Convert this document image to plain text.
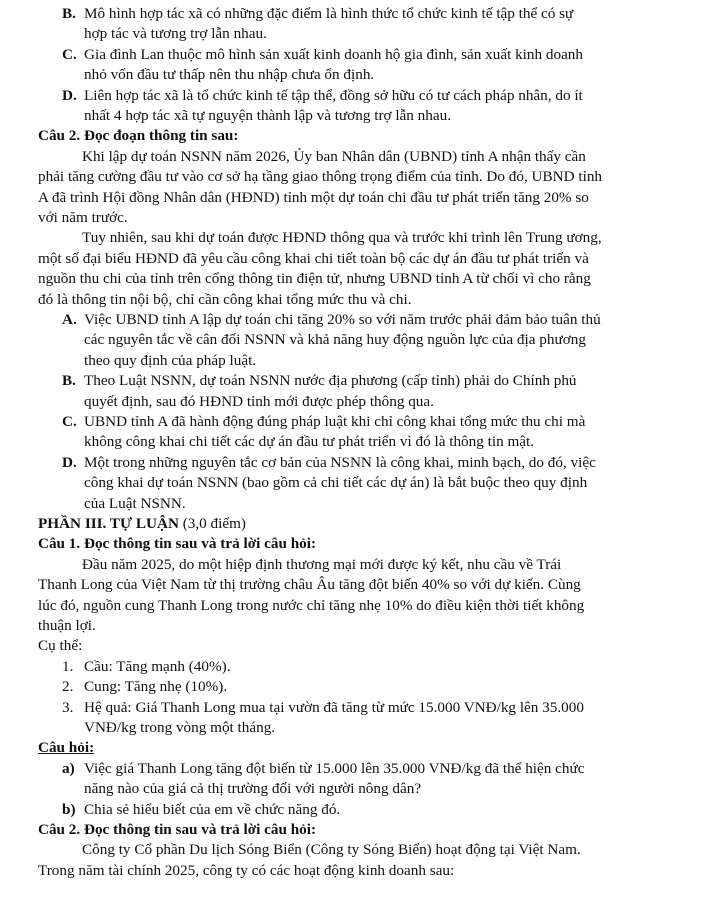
B. Mô hình hợp tác xã có những đặc điểm là hình thức tổ chức kinh tế tập thể có sự
hợp tác và tương trợ lẫn nhau.
C. Gia đình Lan thuộc mô hình sản xuất kinh doanh hộ gia đình, sản xuất kinh doanh
nhỏ vốn đầu tư thấp nên thu nhập chưa ổn định.
D. Liên hợp tác xã là tổ chức kinh tế tập thể, đồng sở hữu có tư cách pháp nhân, do ít
nhất 4 hợp tác xã tự nguyện thành lập và tương trợ lẫn nhau.
Câu 2. Đọc đoạn thông tin sau:
Khi lập dự toán NSNN năm 2026, Ủy ban Nhân dân (UBND) tỉnh A nhận thấy cần
phải tăng cường đầu tư vào cơ sở hạ tầng giao thông trọng điểm của tỉnh. Do đó, UBND tỉnh
A đã trình Hội đồng Nhân dân (HĐND) tỉnh một dự toán chi đầu tư phát triển tăng 20% so
với năm trước.
Tuy nhiên, sau khi dự toán được HĐND thông qua và trước khi trình lên Trung ương,
một số đại biểu HĐND đã yêu cầu công khai chi tiết toàn bộ các dự án đầu tư phát triển và
nguồn thu chi của tỉnh trên cổng thông tin điện tử, nhưng UBND tỉnh A từ chối vì cho rằng
đó là thông tin nội bộ, chỉ cần công khai tổng mức thu và chi.
A. Việc UBND tỉnh A lập dự toán chi tăng 20% so với năm trước phải đảm bảo tuân thủ
các nguyên tắc về cân đối NSNN và khả năng huy động nguồn lực của địa phương
theo quy định của pháp luật.
B. Theo Luật NSNN, dự toán NSNN nước địa phương (cấp tỉnh) phải do Chính phủ
quyết định, sau đó HĐND tỉnh mới được phép thông qua.
C. UBND tỉnh A đã hành động đúng pháp luật khi chỉ công khai tổng mức thu chi mà
không công khai chi tiết các dự án đầu tư phát triển vì đó là thông tin mật.
D. Một trong những nguyên tắc cơ bản của NSNN là công khai, minh bạch, do đó, việc
công khai dự toán NSNN (bao gồm cả chi tiết các dự án) là bắt buộc theo quy định
của Luật NSNN.
PHẦN III. TỰ LUẬN (3,0 điểm)
Câu 1. Đọc thông tin sau và trả lời câu hỏi:
Đầu năm 2025, do một hiệp định thương mại mới được ký kết, nhu cầu về Trái
Thanh Long của Việt Nam từ thị trường châu Âu tăng đột biến 40% so với dự kiến. Cùng
lúc đó, nguồn cung Thanh Long trong nước chỉ tăng nhẹ 10% do điều kiện thời tiết không
thuận lợi.
Cụ thể:
1. Cầu: Tăng mạnh (40%).
2. Cung: Tăng nhẹ (10%).
3. Hệ quả: Giá Thanh Long mua tại vườn đã tăng từ mức 15.000 VNĐ/kg lên 35.000
VNĐ/kg trong vòng một tháng.
Câu hỏi:
a) Việc giá Thanh Long tăng đột biến từ 15.000 lên 35.000 VNĐ/kg đã thể hiện chức
năng nào của giá cả thị trường đối với người nông dân?
b) Chia sẻ hiểu biết của em về chức năng đó.
Câu 2. Đọc thông tin sau và trả lời câu hỏi:
Công ty Cổ phần Du lịch Sóng Biển (Công ty Sóng Biển) hoạt động tại Việt Nam.
Trong năm tài chính 2025, công ty có các hoạt động kinh doanh sau:
